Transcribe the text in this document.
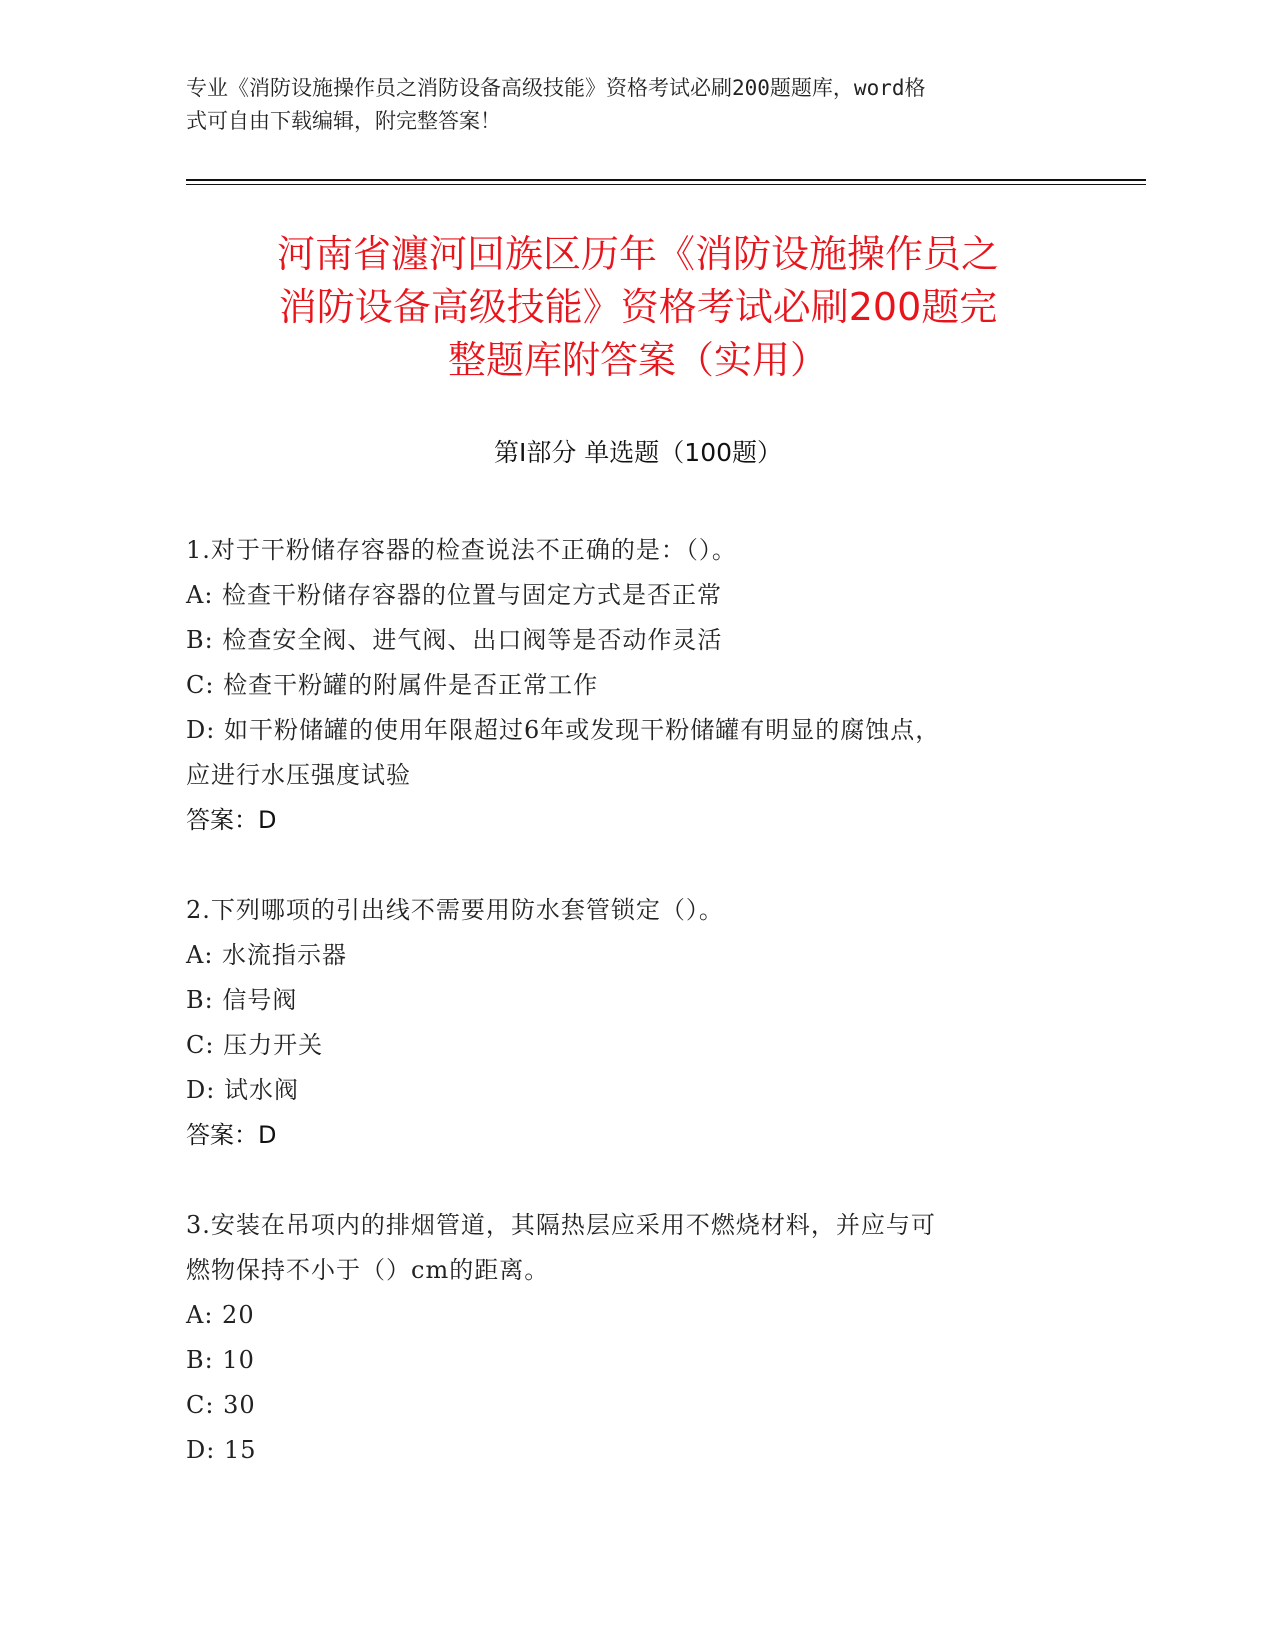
专业《消防设施操作员之消防设备高级技能》资格考试必刷200题题库，word格
式可自由下载编辑，附完整答案！
河南省瀍河回族区历年《消防设施操作员之
消防设备高级技能》资格考试必刷200题完
整题库附答案（实用）
第Ⅰ部分 单选题（100题）
1.对于干粉储存容器的检查说法不正确的是：（）。
A: 检查干粉储存容器的位置与固定方式是否正常
B: 检查安全阀、进气阀、出口阀等是否动作灵活
C: 检查干粉罐的附属件是否正常工作
D: 如干粉储罐的使用年限超过6年或发现干粉储罐有明显的腐蚀点，
应进行水压强度试验
答案：D
2.下列哪项的引出线不需要用防水套管锁定（）。
A: 水流指示器
B: 信号阀
C: 压力开关
D: 试水阀
答案：D
3.安装在吊项内的排烟管道，其隔热层应采用不燃烧材料，并应与可
燃物保持不小于（）cm的距离。
A: 20
B: 10
C: 30
D: 15
